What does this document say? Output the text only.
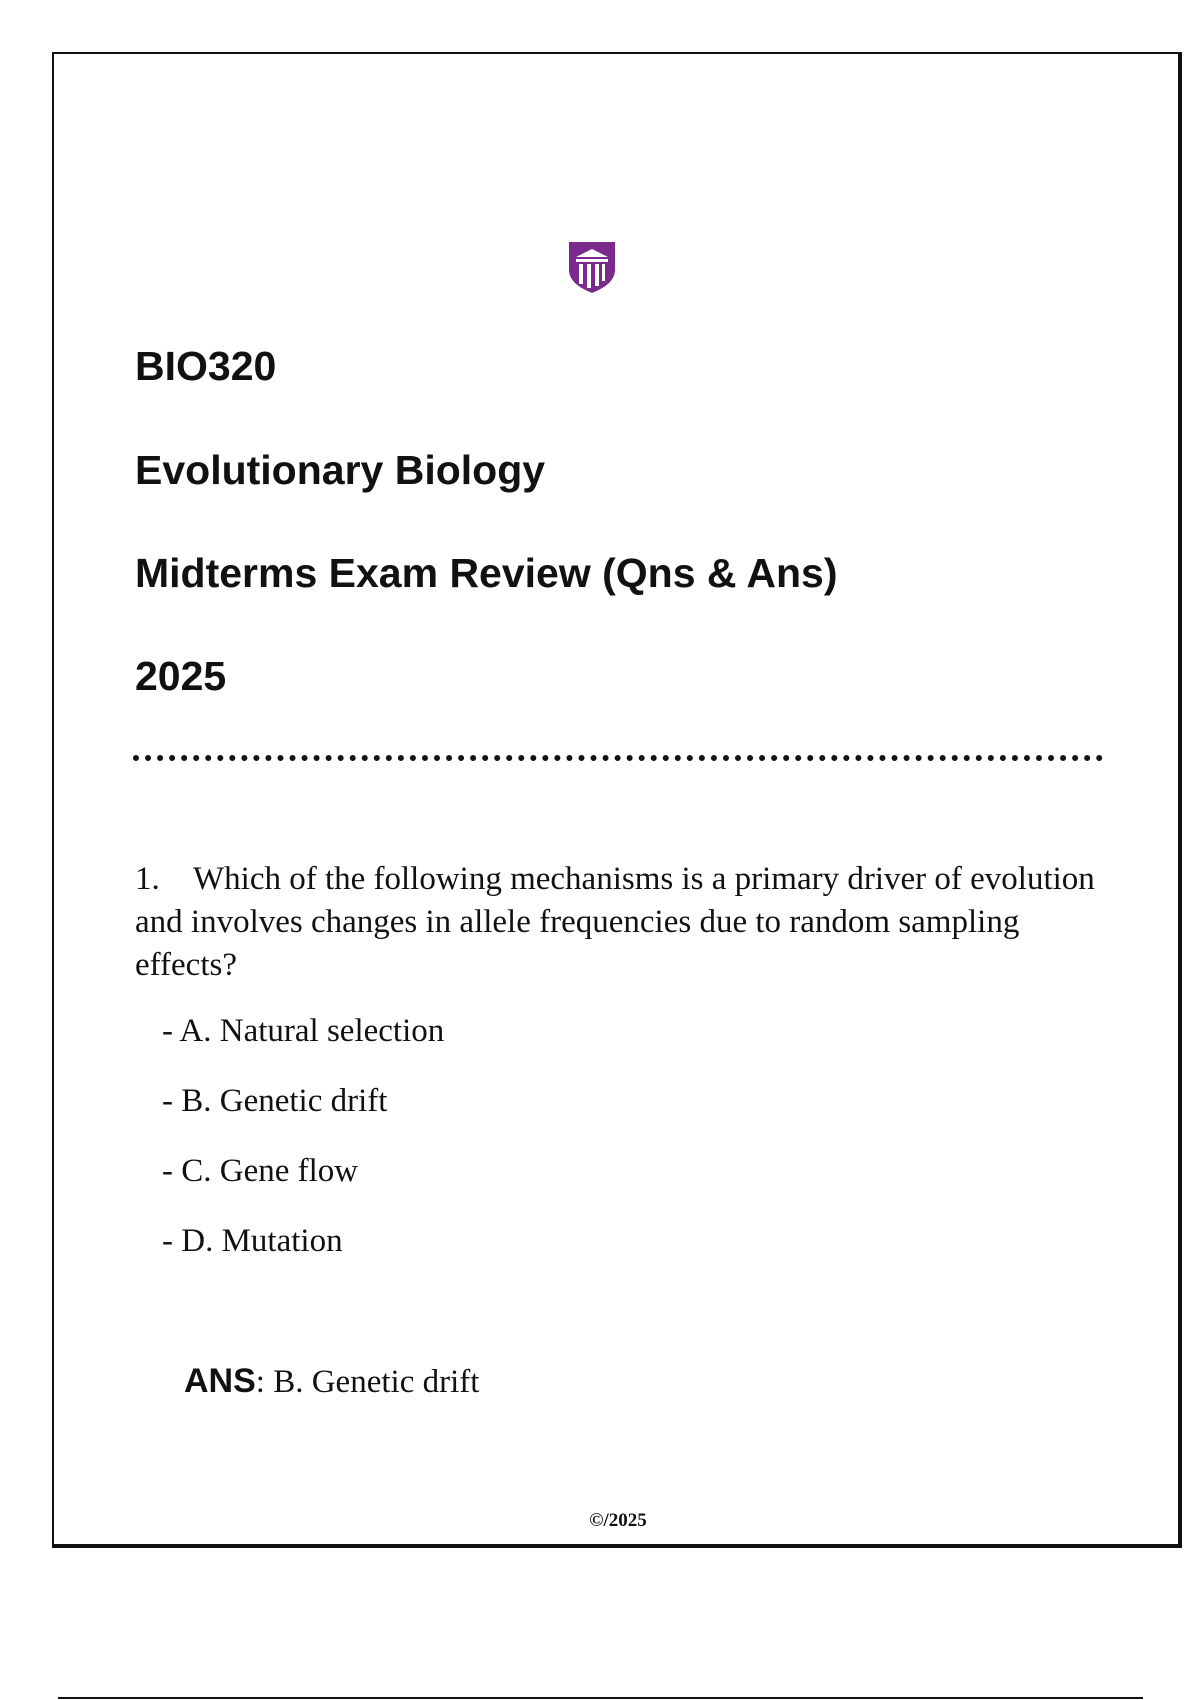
BIO320
Evolutionary Biology
Midterms Exam Review (Qns & Ans)
2025

1. Which of the following mechanisms is a primary driver of evolution and involves changes in allele frequencies due to random sampling effects?

- A. Natural selection
- B. Genetic drift
- C. Gene flow
- D. Mutation

ANS: B. Genetic drift

©/2025
